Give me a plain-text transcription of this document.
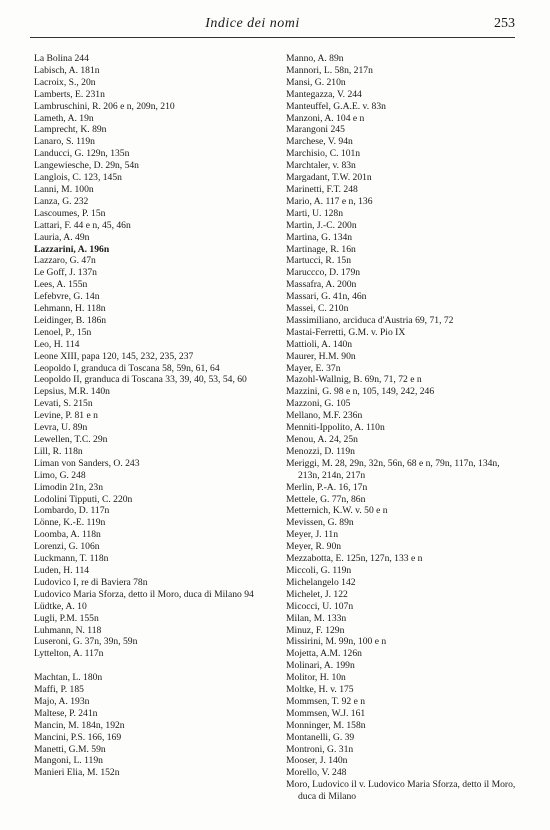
Indice dei nomi	253
La Bolina 244
Labisch, A. 181n
Lacroix, S., 20n
Lamberts, E. 231n
Lambruschini, R. 206 e n, 209n, 210
Lameth, A. 19n
Lamprecht, K. 89n
Lanaro, S. 119n
Landucci, G. 129n, 135n
Langewiesche, D. 29n, 54n
Langlois, C. 123, 145n
Lanni, M. 100n
Lanza, G. 232
Lascoumes, P. 15n
Lattari, F. 44 e n, 45, 46n
Lauria, A. 49n
Lazzarini, A. 196n
Lazzaro, G. 47n
Le Goff, J. 137n
Lees, A. 155n
Lefebvre, G. 14n
Lehmann, H. 118n
Leidinger, B. 186n
Lenoel, P., 15n
Leo, H. 114
Leone XIII, papa 120, 145, 232, 235, 237
Leopoldo I, granduca di Toscana 58, 59n, 61, 64
Leopoldo II, granduca di Toscana 33, 39, 40, 53, 54, 60
Lepsius, M.R. 140n
Levati, S. 215n
Levine, P. 81 e n
Levra, U. 89n
Lewellen, T.C. 29n
Lill, R. 118n
Liman von Sanders, O. 243
Limo, G. 248
Limodin 21n, 23n
Lodolini Tipputi, C. 220n
Lombardo, D. 117n
Lönne, K.-E. 119n
Loomba, A. 118n
Lorenzi, G. 106n
Luckmann, T. 118n
Luden, H. 114
Ludovico I, re di Baviera 78n
Ludovico Maria Sforza, detto il Moro, duca di Milano 94
Lüdtke, A. 10
Lugli, P.M. 155n
Luhmann, N. 118
Luseroni, G. 37n, 39n, 59n
Lyttelton, A. 117n
Machtan, L. 180n
Maffi, P. 185
Majo, A. 193n
Maltese, P. 241n
Mancin, M. 184n, 192n
Mancini, P.S. 166, 169
Manetti, G.M. 59n
Mangoni, L. 119n
Manieri Elia, M. 152n
Manno, A. 89n
Mannori, L. 58n, 217n
Mansi, G. 210n
Mantegazza, V. 244
Manteuffel, G.A.E. v. 83n
Manzoni, A. 104 e n
Marangoni 245
Marchese, V. 94n
Marchisio, C. 101n
Marchtaler, v. 83n
Margadant, T.W. 201n
Marinetti, F.T. 248
Mario, A. 117 e n, 136
Marti, U. 128n
Martin, J.-C. 200n
Martina, G. 134n
Martinage, R. 16n
Martucci, R. 15n
Maruccco, D. 179n
Massafra, A. 200n
Massari, G. 41n, 46n
Massei, C. 210n
Massimiliano, arciduca d'Austria 69, 71, 72
Mastai-Ferretti, G.M. v. Pio IX
Mattioli, A. 140n
Maurer, H.M. 90n
Mayer, E. 37n
Mazohl-Wallnig, B. 69n, 71, 72 e n
Mazzini, G. 98 e n, 105, 149, 242, 246
Mazzoni, G. 105
Mellano, M.F. 236n
Menniti-Ippolito, A. 110n
Menou, A. 24, 25n
Menozzi, D. 119n
Meriggi, M. 28, 29n, 32n, 56n, 68 e n, 79n, 117n, 134n, 213n, 214n, 217n
Merlin, P.-A. 16, 17n
Mettele, G. 77n, 86n
Metternich, K.W. v. 50 e n
Mevissen, G. 89n
Meyer, J. 11n
Meyer, R. 90n
Mezzabotta, E. 125n, 127n, 133 e n
Miccoli, G. 119n
Michelangelo 142
Michelet, J. 122
Micocci, U. 107n
Milan, M. 133n
Minuz, F. 129n
Missirini, M. 99n, 100 e n
Mojetta, A.M. 126n
Molinari, A. 199n
Molitor, H. 10n
Moltke, H. v. 175
Mommsen, T. 92 e n
Mommsen, W.J. 161
Monninger, M. 158n
Montanelli, G. 39
Montroni, G. 31n
Mooser, J. 140n
Morello, V. 248
Moro, Ludovico il v. Ludovico Maria Sforza, detto il Moro, duca di Milano
